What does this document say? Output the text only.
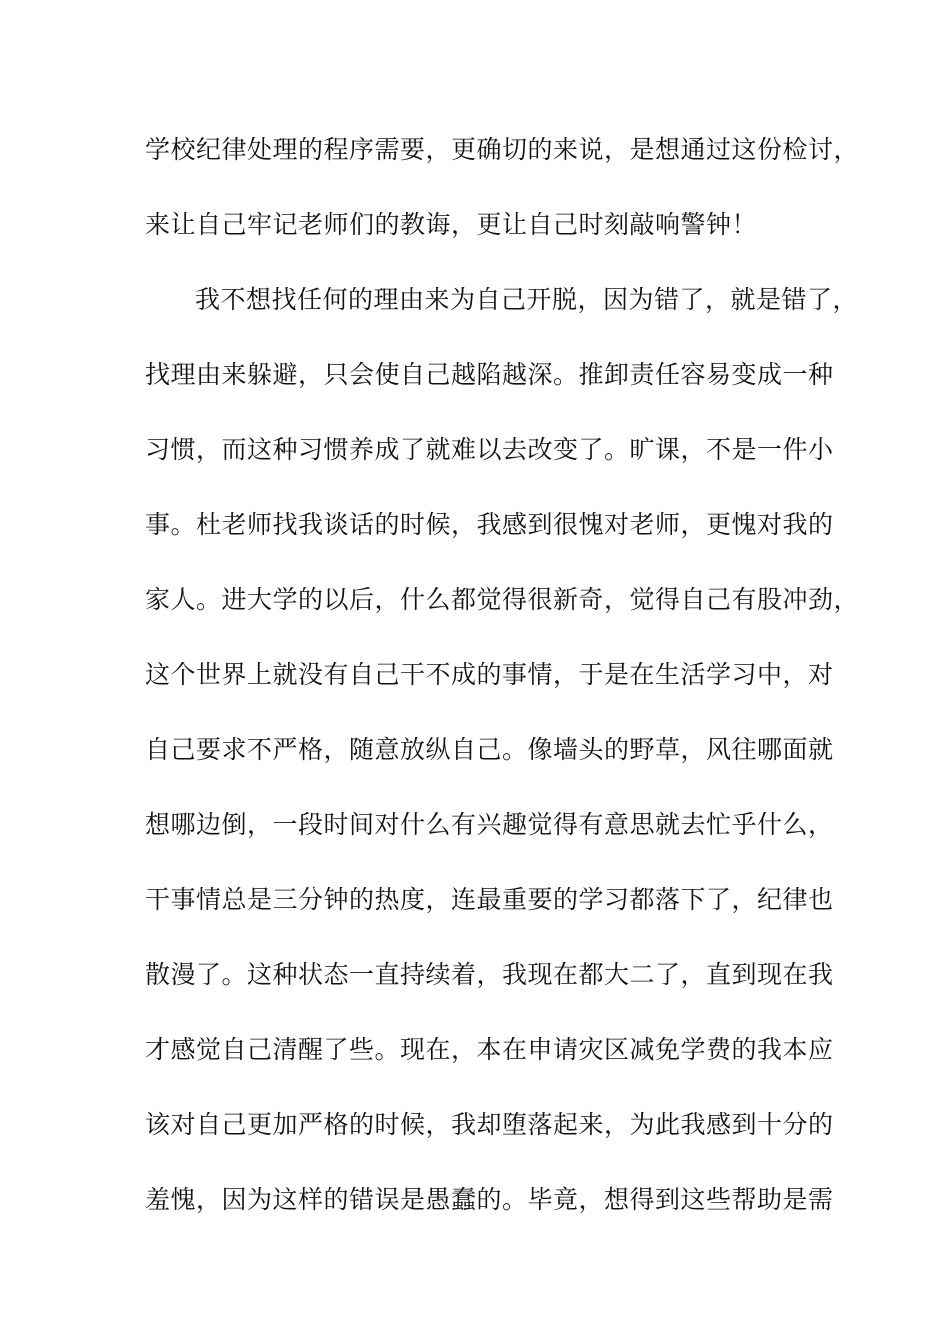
学校纪律处理的程序需要，更确切的来说，是想通过这份检讨，
来让自己牢记老师们的教诲，更让自己时刻敲响警钟！
我不想找任何的理由来为自己开脱，因为错了，就是错了，
找理由来躲避，只会使自己越陷越深。推卸责任容易变成一种
习惯，而这种习惯养成了就难以去改变了。旷课，不是一件小
事。杜老师找我谈话的时候，我感到很愧对老师，更愧对我的
家人。进大学的以后，什么都觉得很新奇，觉得自己有股冲劲，
这个世界上就没有自己干不成的事情，于是在生活学习中，对
自己要求不严格，随意放纵自己。像墙头的野草，风往哪面就
想哪边倒，一段时间对什么有兴趣觉得有意思就去忙乎什么，
干事情总是三分钟的热度，连最重要的学习都落下了，纪律也
散漫了。这种状态一直持续着，我现在都大二了，直到现在我
才感觉自己清醒了些。现在，本在申请灾区减免学费的我本应
该对自己更加严格的时候，我却堕落起来，为此我感到十分的
羞愧，因为这样的错误是愚蠢的。毕竟，想得到这些帮助是需
